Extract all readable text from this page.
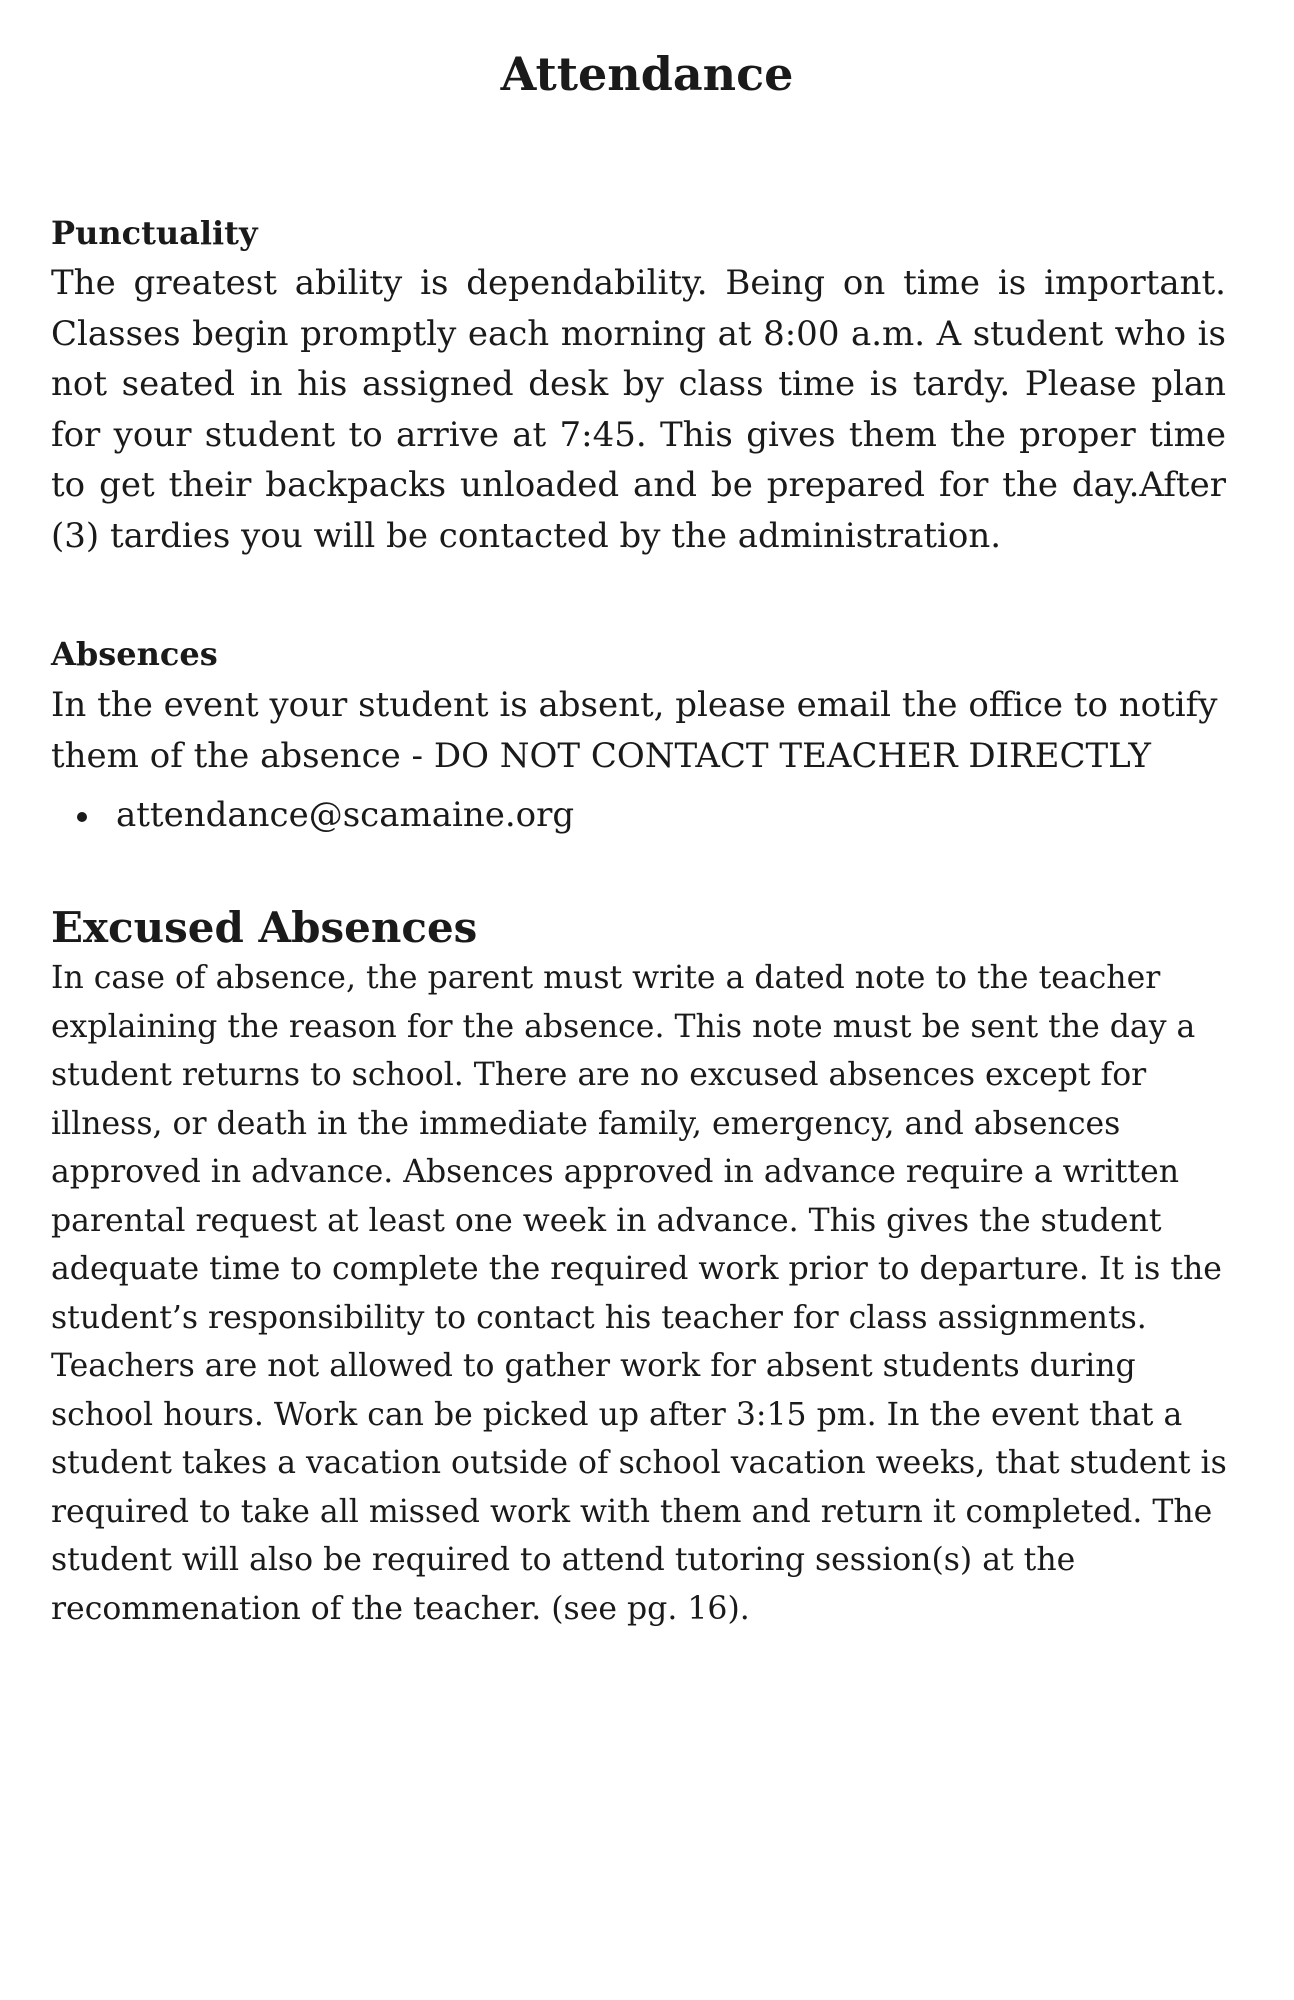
Attendance
Punctuality

The greatest ability is dependability. Being on time is important. Classes begin promptly each morning at 8:00 a.m. A student who is not seated in his assigned desk by class time is tardy. Please plan for your student to arrive at 7:45. This gives them the proper time to get their backpacks unloaded and be prepared for the day.After (3) tardies you will be contacted by the administration.

Absences

In the event your student is absent, please email the office to notify them of the absence - DO NOT CONTACT TEACHER DIRECTLY

attendance@scamaine.org
Excused Absences

In case of absence, the parent must write a dated note to the teacher explaining the reason for the absence. This note must be sent the day a student returns to school. There are no excused absences except for illness, or death in the immediate family, emergency, and absences approved in advance. Absences approved in advance require a written parental request at least one week in advance. This gives the student adequate time to complete the required work prior to departure. It is the student’s responsibility to contact his teacher for class assignments. Teachers are not allowed to gather work for absent students during school hours. Work can be picked up after 3:15 pm. In the event that a student takes a vacation outside of school vacation weeks, that student is required to take all missed work with them and return it completed. The student will also be required to attend tutoring session(s) at the recommenation of the teacher. (see pg. 16).
